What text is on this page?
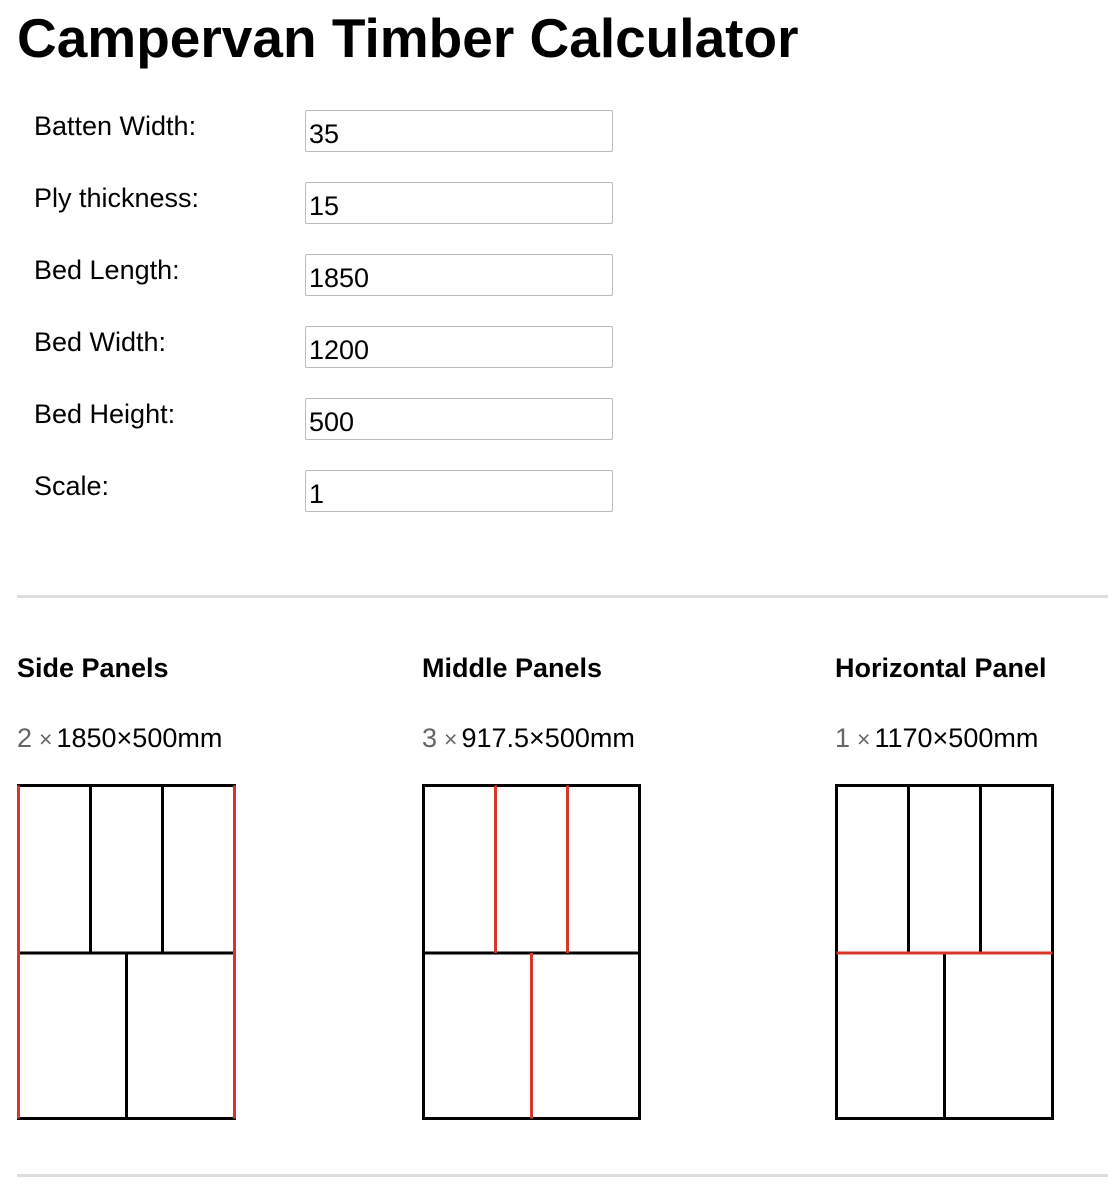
Campervan Timber Calculator
Batten Width:
35
Ply thickness:
15
Bed Length:
1850
Bed Width:
1200
Bed Height:
500
Scale:
1
Side Panels
2 × 1850×500mm
Middle Panels
3 × 917.5×500mm
Horizontal Panel
1 × 1170×500mm
